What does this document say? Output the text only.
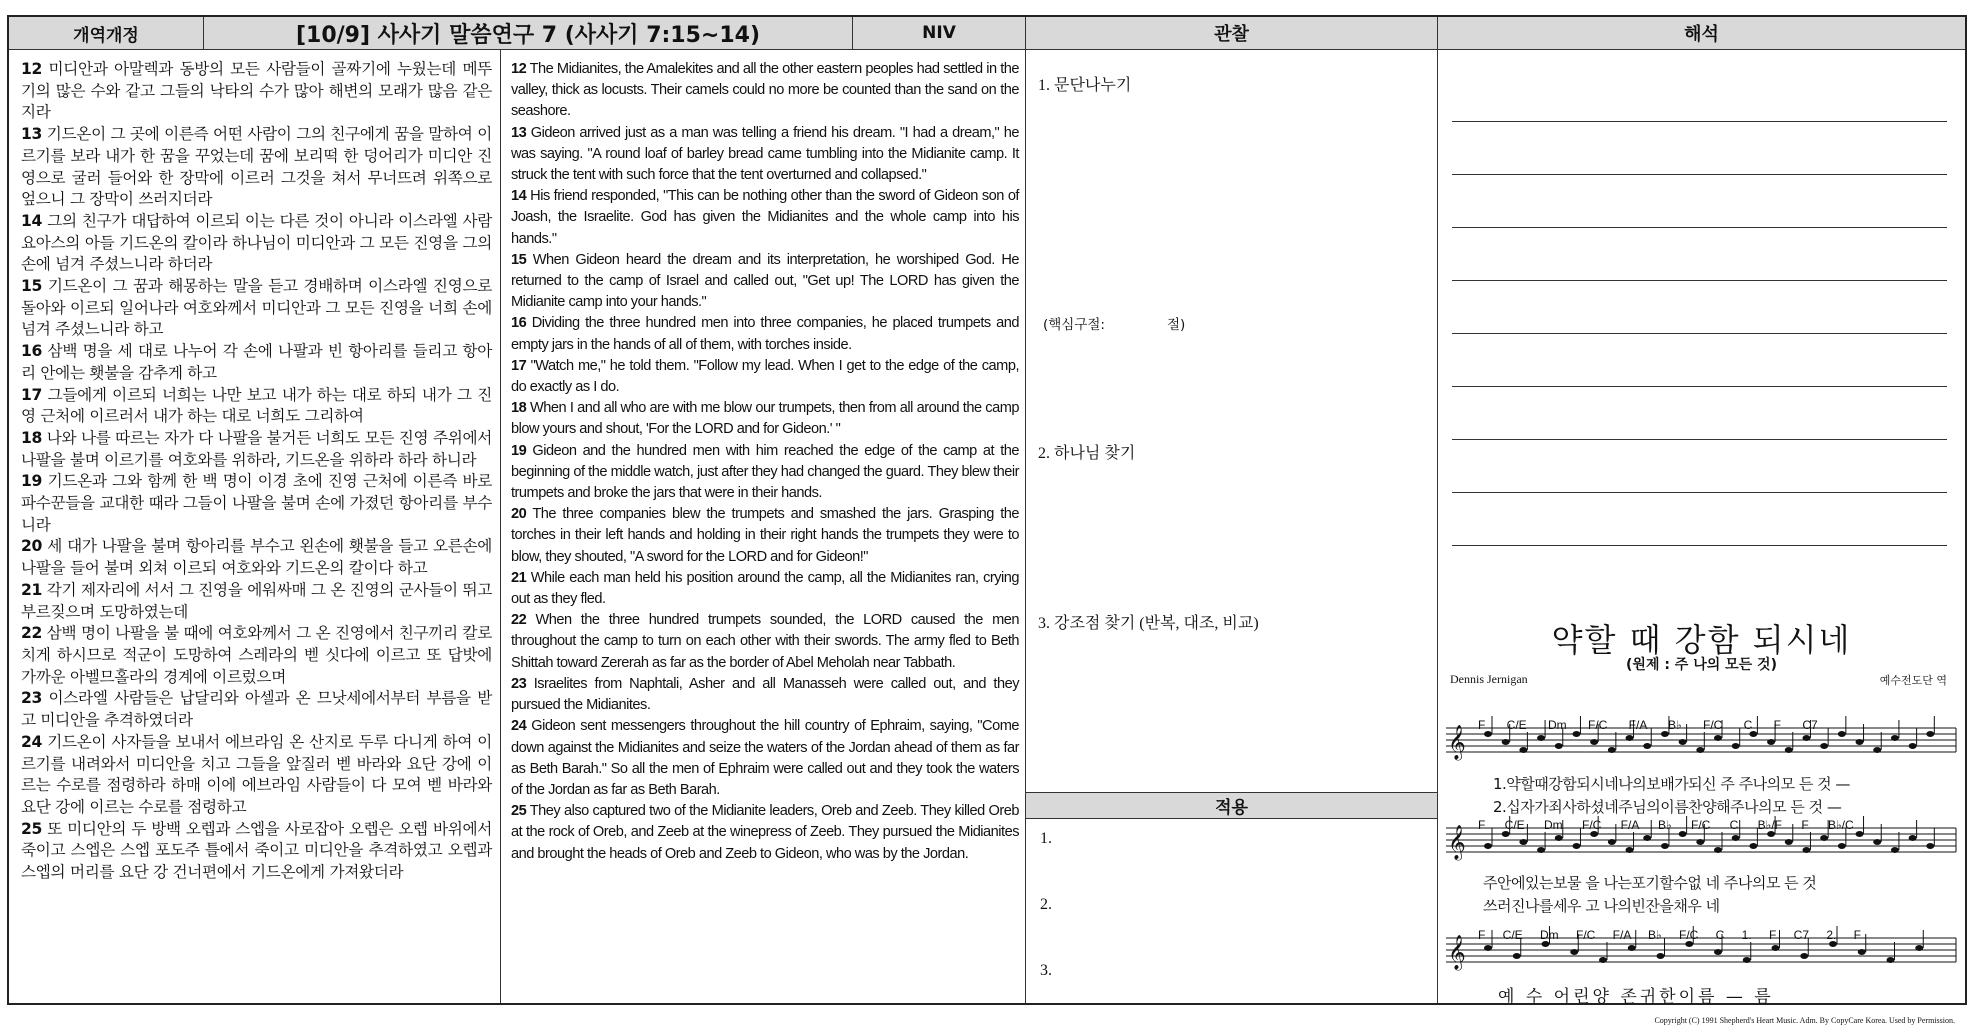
개역개정	[10/9] 사사기 말씀연구 7 (사사기 7:15~14)	NIV	관찰	해석
12 미디안과 아말렉과 동방의 모든 사람들이 골짜기에 누웠는데 메뚜기의 많은 수와 같고 그들의 낙타의 수가 많아 해변의 모래가 많음 같은지라
13 기드온이 그 곳에 이른즉 어떤 사람이 그의 친구에게 꿈을 말하여 이르기를 보라 내가 한 꿈을 꾸었는데 꿈에 보리떡 한 덩어리가 미디안 진영으로 굴러 들어와 한 장막에 이르러 그것을 쳐서 무너뜨려 위쪽으로 엎으니 그 장막이 쓰러지더라
14 그의 친구가 대답하여 이르되 이는 다른 것이 아니라 이스라엘 사람 요아스의 아들 기드온의 칼이라 하나님이 미디안과 그 모든 진영을 그의 손에 넘겨 주셨느니라 하더라
15 기드온이 그 꿈과 해몽하는 말을 듣고 경배하며 이스라엘 진영으로 돌아와 이르되 일어나라 여호와께서 미디안과 그 모든 진영을 너희 손에 넘겨 주셨느니라 하고
16 삼백 명을 세 대로 나누어 각 손에 나팔과 빈 항아리를 들리고 항아리 안에는 횃불을 감추게 하고
17 그들에게 이르되 너희는 나만 보고 내가 하는 대로 하되 내가 그 진영 근처에 이르러서 내가 하는 대로 너희도 그리하여
18 나와 나를 따르는 자가 다 나팔을 불거든 너희도 모든 진영 주위에서 나팔을 불며 이르기를 여호와를 위하라, 기드온을 위하라 하라 하니라
19 기드온과 그와 함께 한 백 명이 이경 초에 진영 근처에 이른즉 바로 파수꾼들을 교대한 때라 그들이 나팔을 불며 손에 가졌던 항아리를 부수니라
20 세 대가 나팔을 불며 항아리를 부수고 왼손에 횃불을 들고 오른손에 나팔을 들어 불며 외쳐 이르되 여호와와 기드온의 칼이다 하고
21 각기 제자리에 서서 그 진영을 에워싸매 그 온 진영의 군사들이 뛰고 부르짖으며 도망하였는데
22 삼백 명이 나팔을 불 때에 여호와께서 그 온 진영에서 친구끼리 칼로 치게 하시므로 적군이 도망하여 스레라의 벧 싯다에 이르고 또 답밧에 가까운 아벨므홀라의 경계에 이르렀으며
23 이스라엘 사람들은 납달리와 아셀과 온 므낫세에서부터 부름을 받고 미디안을 추격하였더라
24 기드온이 사자들을 보내서 에브라임 온 산지로 두루 다니게 하여 이르기를 내려와서 미디안을 치고 그들을 앞질러 벧 바라와 요단 강에 이르는 수로를 점령하라 하매 이에 에브라임 사람들이 다 모여 벧 바라와 요단 강에 이르는 수로를 점령하고
25 또 미디안의 두 방백 오렙과 스엡을 사로잡아 오렙은 오렙 바위에서 죽이고 스엡은 스엡 포도주 틀에서 죽이고 미디안을 추격하였고 오렙과 스엡의 머리를 요단 강 건너편에서 기드온에게 가져왔더라
12 The Midianites, the Amalekites and all the other eastern peoples had settled in the valley, thick as locusts. Their camels could no more be counted than the sand on the seashore.
13 Gideon arrived just as a man was telling a friend his dream. "I had a dream," he was saying. "A round loaf of barley bread came tumbling into the Midianite camp. It struck the tent with such force that the tent overturned and collapsed."
14 His friend responded, "This can be nothing other than the sword of Gideon son of Joash, the Israelite. God has given the Midianites and the whole camp into his hands."
15 When Gideon heard the dream and its interpretation, he worshiped God. He returned to the camp of Israel and called out, "Get up! The LORD has given the Midianite camp into your hands."
16 Dividing the three hundred men into three companies, he placed trumpets and empty jars in the hands of all of them, with torches inside.
17 "Watch me," he told them. "Follow my lead. When I get to the edge of the camp, do exactly as I do.
18 When I and all who are with me blow our trumpets, then from all around the camp blow yours and shout, 'For the LORD and for Gideon.' "
19 Gideon and the hundred men with him reached the edge of the camp at the beginning of the middle watch, just after they had changed the guard. They blew their trumpets and broke the jars that were in their hands.
20 The three companies blew the trumpets and smashed the jars. Grasping the torches in their left hands and holding in their right hands the trumpets they were to blow, they shouted, "A sword for the LORD and for Gideon!"
21 While each man held his position around the camp, all the Midianites ran, crying out as they fled.
22 When the three hundred trumpets sounded, the LORD caused the men throughout the camp to turn on each other with their swords. The army fled to Beth Shittah toward Zererah as far as the border of Abel Meholah near Tabbath.
23 Israelites from Naphtali, Asher and all Manasseh were called out, and they pursued the Midianites.
24 Gideon sent messengers throughout the hill country of Ephraim, saying, "Come down against the Midianites and seize the waters of the Jordan ahead of them as far as Beth Barah." So all the men of Ephraim were called out and they took the waters of the Jordan as far as Beth Barah.
25 They also captured two of the Midianite leaders, Oreb and Zeeb. They killed Oreb at the rock of Oreb, and Zeeb at the winepress of Zeeb. They pursued the Midianites and brought the heads of Oreb and Zeeb to Gideon, who was by the Jordan.
1. 문단나누기
(핵심구절:	절)
2. 하나님 찾기
3. 강조점 찾기 (반복, 대조, 비교)
적용
1.
2.
3.
약할 때 강함 되시네
(원제 : 주 나의 모든 것)
Dennis Jernigan	예수전도단 역
𝄞
𝄞
𝄞
F C/E Dm F/C F/A B♭ F/C C F C7
1.약할때강함되시네나의보배가되신 주 주나의모 든 것 —
2.십자가죄사하셨네주님의이름찬양해주나의모 든 것 —
F C/E Dm F/C F/A B♭ F/C C B♭/F F B♭/C
주안에있는보물 을 나는포기할수없 네 주나의모 든 것
쓰러진나를세우 고 나의빈잔을채우 네
F C/E Dm F/C F/A B♭ F/C C 1. F C7 2. F
예 수 어린양 존귀한이름 — 름
Copyright (C) 1991 Shepherd's Heart Music. Adm. By CopyCare Korea. Used by Permission.
